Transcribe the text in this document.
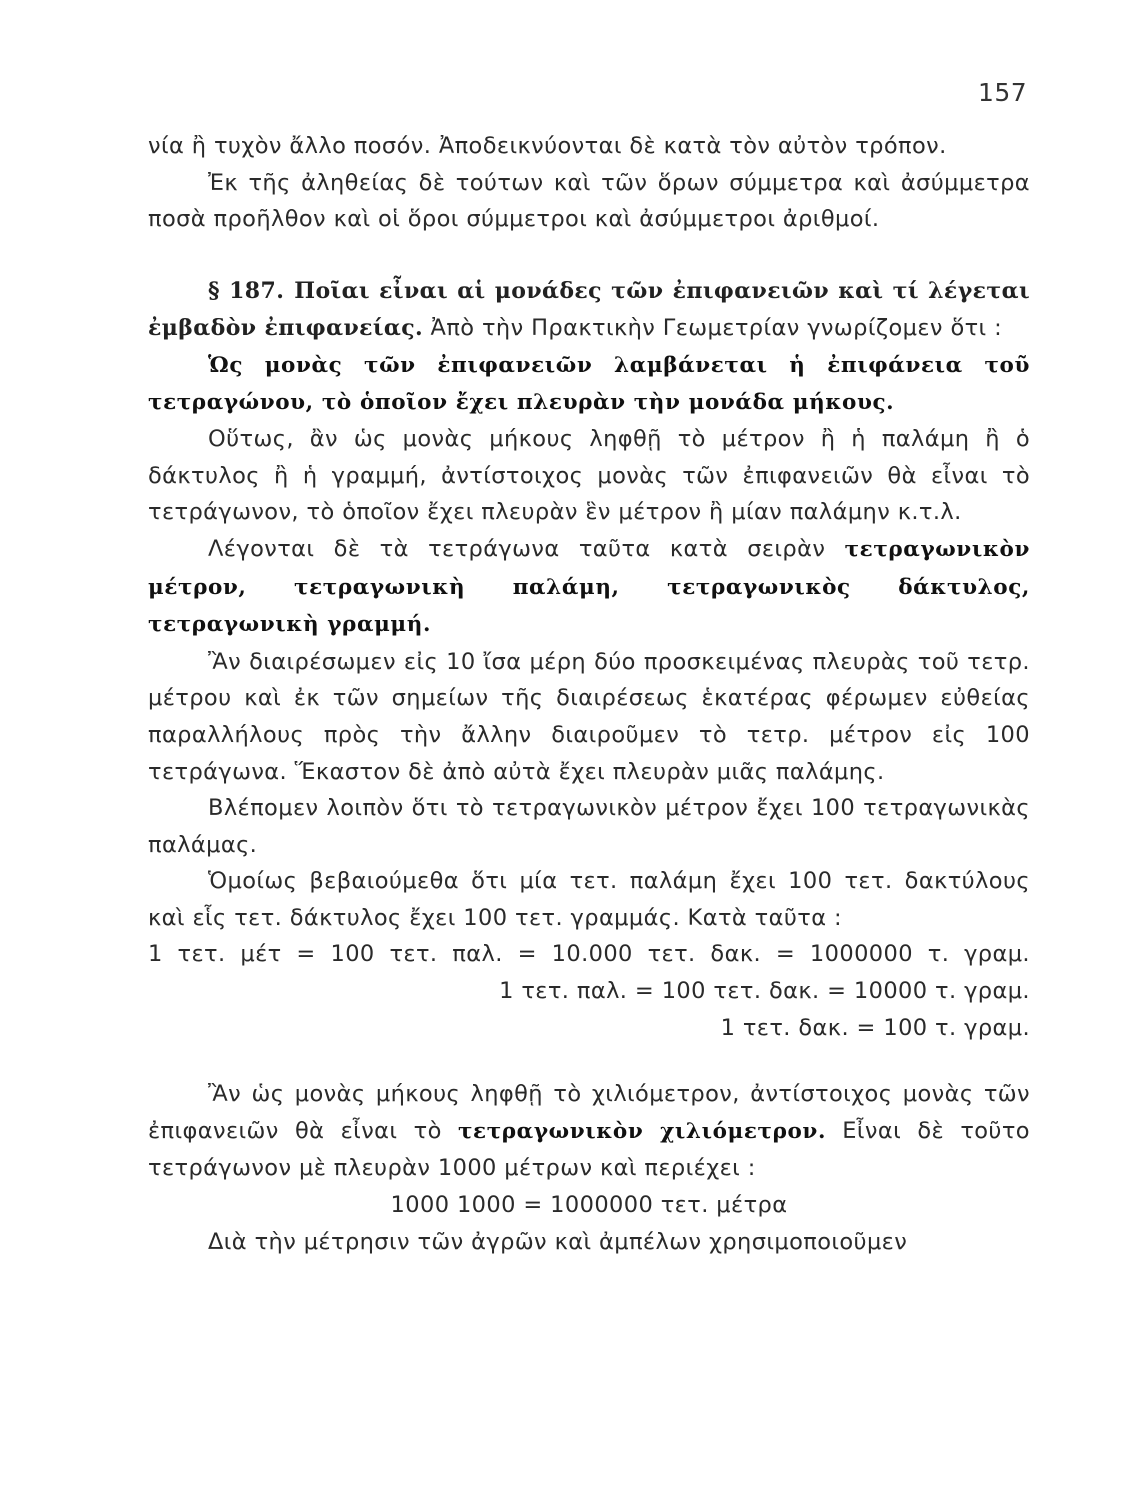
157

νία ἢ τυχὸν ἄλλο ποσόν. Ἀποδεικνύονται δὲ κατὰ τὸν αὐτὸν τρόπον.

Ἐκ τῆς ἀληθείας δὲ τούτων καὶ τῶν ὅρων σύμμετρα καὶ ἀσύμμετρα ποσὰ προῆλθον καὶ οἱ ὅροι σύμμετροι καὶ ἀσύμμετροι ἀριθμοί.

§ 187. Ποῖαι εἶναι αἱ μονάδες τῶν ἐπιφανειῶν καὶ τί λέγεται ἐμβαδὸν ἐπιφανείας. Ἀπὸ τὴν Πρακτικὴν Γεωμετρίαν γνωρίζομεν ὅτι :

Ὡς μονὰς τῶν ἐπιφανειῶν λαμβάνεται ἡ ἐπιφάνεια τοῦ τετραγώνου, τὸ ὁποῖον ἔχει πλευρὰν τὴν μονάδα μήκους.

Οὕτως, ἂν ὡς μονὰς μήκους ληφθῇ τὸ μέτρον ἢ ἡ παλάμη ἢ ὁ δάκτυλος ἢ ἡ γραμμή, ἀντίστοιχος μονὰς τῶν ἐπιφανειῶν θὰ εἶναι τὸ τετράγωνον, τὸ ὁποῖον ἔχει πλευρὰν ἓν μέτρον ἢ μίαν παλάμην κ.τ.λ.

Λέγονται δὲ τὰ τετράγωνα ταῦτα κατὰ σειρὰν τετραγωνικὸν μέτρον, τετραγωνικὴ παλάμη, τετραγωνικὸς δάκτυλος, τετραγωνικὴ γραμμή.

Ἂν διαιρέσωμεν εἰς 10 ἴσα μέρη δύο προσκειμένας πλευρὰς τοῦ τετρ. μέτρου καὶ ἐκ τῶν σημείων τῆς διαιρέσεως ἑκατέρας φέρωμεν εὐθείας παραλλήλους πρὸς τὴν ἄλλην διαιροῦμεν τὸ τετρ. μέτρον εἰς 100 τετράγωνα. Ἕκαστον δὲ ἀπὸ αὐτὰ ἔχει πλευρὰν μιᾶς παλάμης.

Βλέπομεν λοιπὸν ὅτι τὸ τετραγωνικὸν μέτρον ἔχει 100 τετραγωνικὰς παλάμας.

Ὁμοίως βεβαιούμεθα ὅτι μία τετ. παλάμη ἔχει 100 τετ. δακτύλους καὶ εἷς τετ. δάκτυλος ἔχει 100 τετ. γραμμάς. Κατὰ ταῦτα :

1 τετ. μέτ = 100 τετ. παλ. = 10.000 τετ. δακ. = 1000000 τ. γραμ.
1 τετ. παλ. = 100 τετ. δακ. = 10000 τ. γραμ.
1 τετ. δακ. = 100 τ. γραμ.

Ἂν ὡς μονὰς μήκους ληφθῇ τὸ χιλιόμετρον, ἀντίστοιχος μονὰς τῶν ἐπιφανειῶν θὰ εἶναι τὸ τετραγωνικὸν χιλιόμετρον. Εἶναι δὲ τοῦτο τετράγωνον μὲ πλευρὰν 1000 μέτρων καὶ περιέχει :

1000 1000 = 1000000 τετ. μέτρα

Διὰ τὴν μέτρησιν τῶν ἀγρῶν καὶ ἀμπέλων χρησιμοποιοῦμεν
